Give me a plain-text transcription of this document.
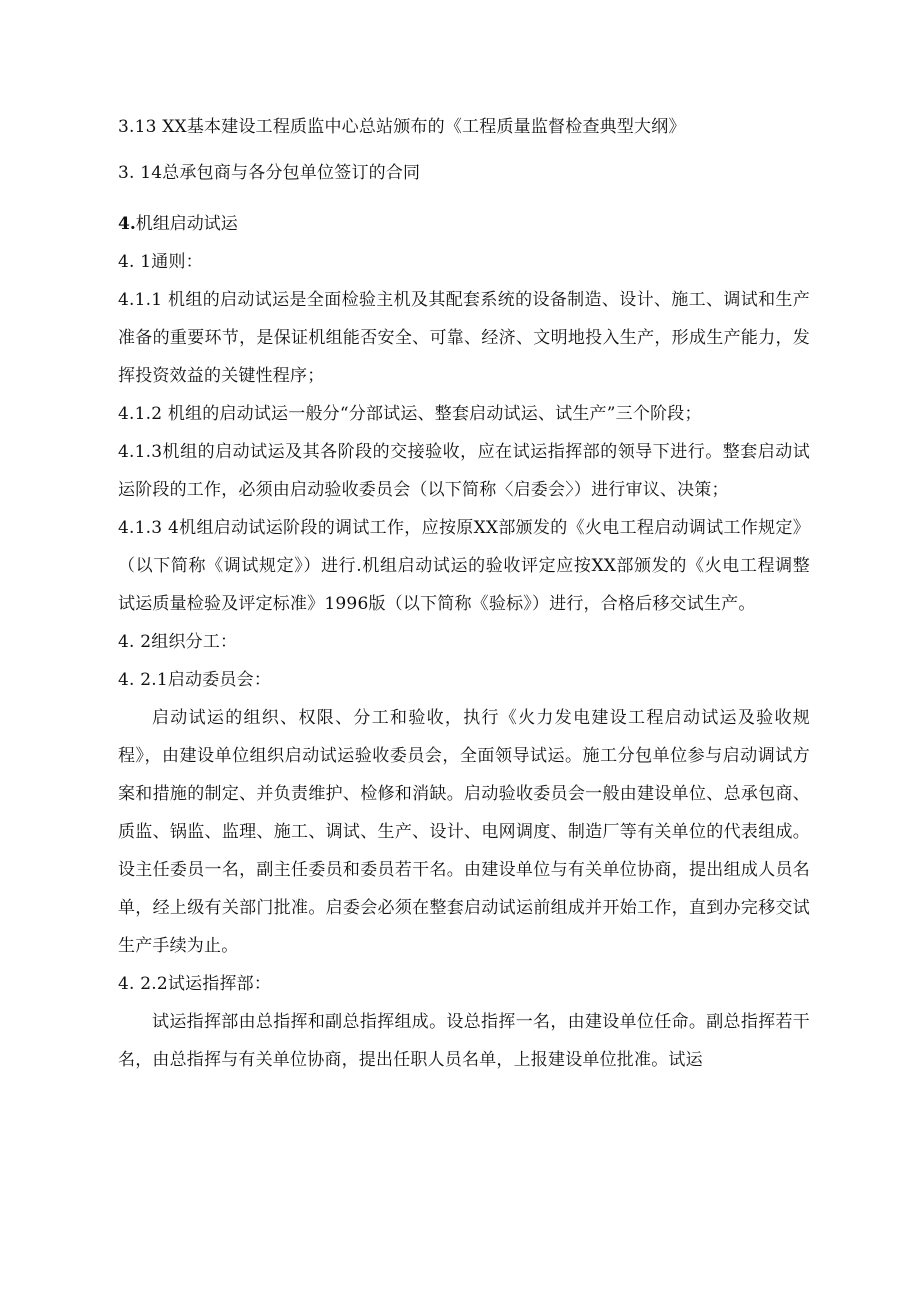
3.13 XX基本建设工程质监中心总站颁布的《工程质量监督检查典型大纲》
3. 14总承包商与各分包单位签订的合同
4.机组启动试运
4. 1通则：
4.1.1 机组的启动试运是全面检验主机及其配套系统的设备制造、设计、施工、调试和生产准备的重要环节，是保证机组能否安全、可靠、经济、文明地投入生产，形成生产能力，发挥投资效益的关键性程序；
4.1.2 机组的启动试运一般分“分部试运、整套启动试运、试生产”三个阶段；
4.1.3机组的启动试运及其各阶段的交接验收，应在试运指挥部的领导下进行。整套启动试运阶段的工作，必须由启动验收委员会（以下简称〈启委会〉）进行审议、决策；
4.1.3 4机组启动试运阶段的调试工作，应按原XX部颁发的《火电工程启动调试工作规定》（以下简称《调试规定》）进行.机组启动试运的验收评定应按XX部颁发的《火电工程调整试运质量检验及评定标准》1996版（以下简称《验标》）进行，合格后移交试生产。
4. 2组织分工：
4. 2.1启动委员会：
启动试运的组织、权限、分工和验收，执行《火力发电建设工程启动试运及验收规程》，由建设单位组织启动试运验收委员会，全面领导试运。施工分包单位参与启动调试方案和措施的制定、并负责维护、检修和消缺。启动验收委员会一般由建设单位、总承包商、质监、锅监、监理、施工、调试、生产、设计、电网调度、制造厂等有关单位的代表组成。设主任委员一名，副主任委员和委员若干名。由建设单位与有关单位协商，提出组成人员名单，经上级有关部门批准。启委会必须在整套启动试运前组成并开始工作，直到办完移交试生产手续为止。
4. 2.2试运指挥部：
试运指挥部由总指挥和副总指挥组成。设总指挥一名，由建设单位任命。副总指挥若干名，由总指挥与有关单位协商，提出任职人员名单，上报建设单位批准。试运
